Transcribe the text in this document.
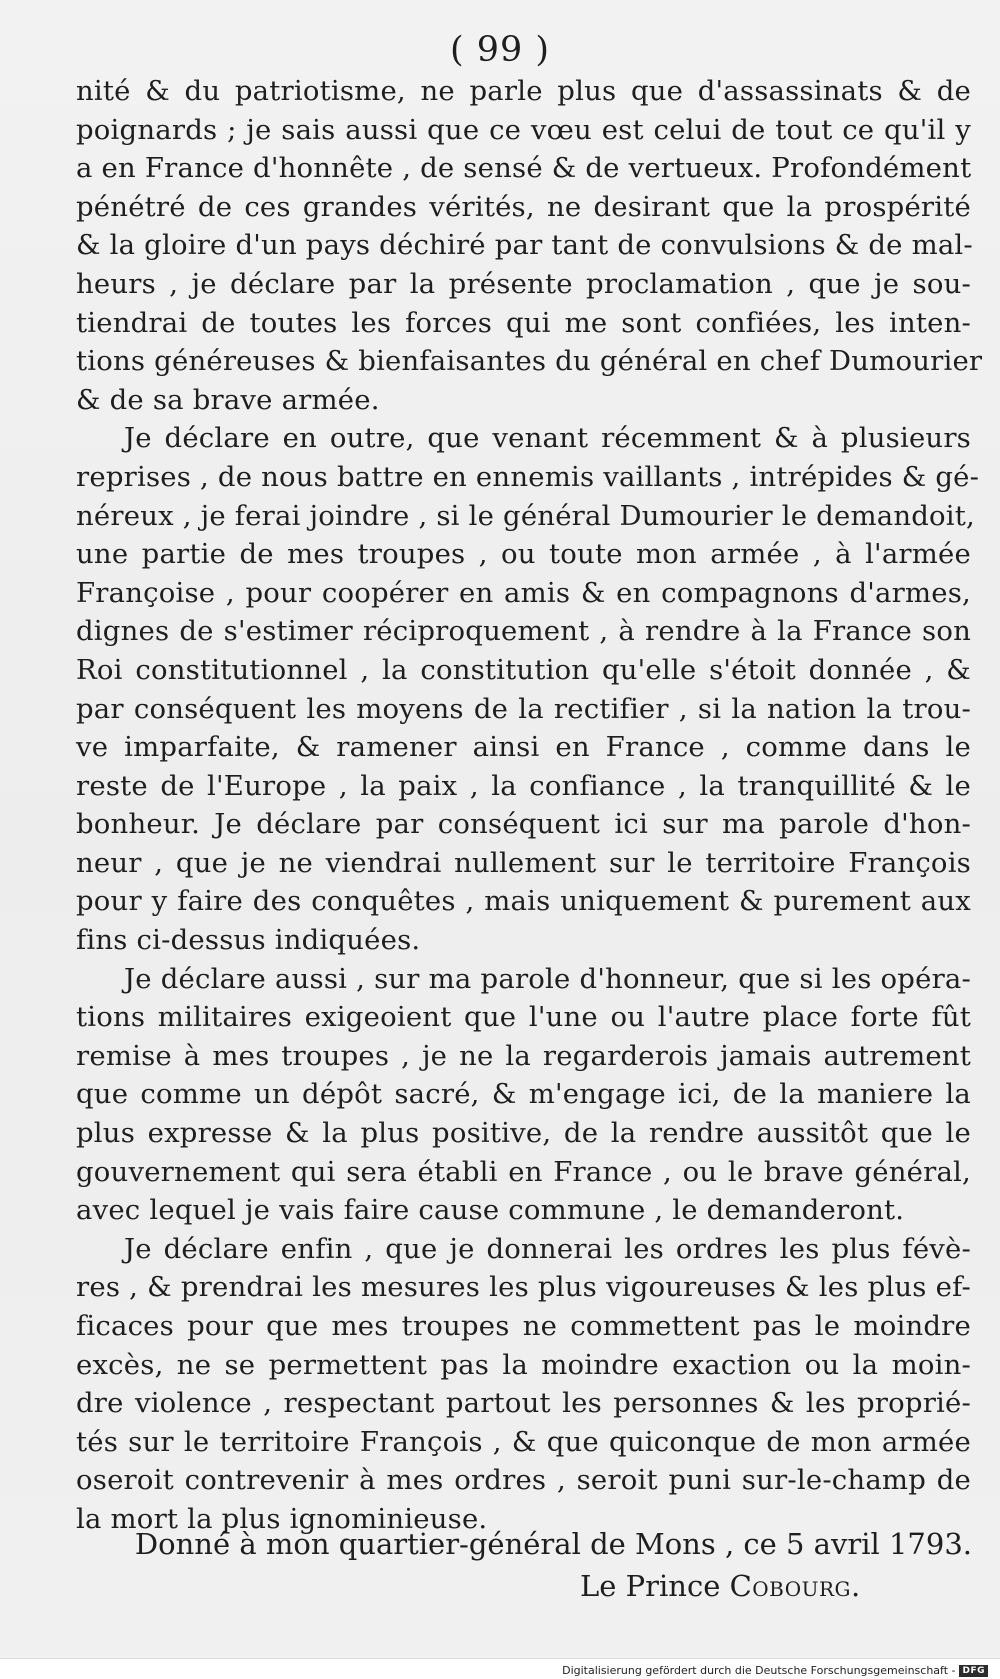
( 99 )
nité & du patriotisme, ne parle plus que d'assassinats & de
poignards ; je sais aussi que ce vœu est celui de tout ce qu'il y
a en France d'honnête , de sensé & de vertueux. Profondément
pénétré de ces grandes vérités, ne desirant que la prospérité
& la gloire d'un pays déchiré par tant de convulsions & de mal-
heurs , je déclare par la présente proclamation , que je sou-
tiendrai de toutes les forces qui me sont confiées, les inten-
tions généreuses & bienfaisantes du général en chef Dumourier
& de sa brave armée.
Je déclare en outre, que venant récemment & à plusieurs
reprises , de nous battre en ennemis vaillants , intrépides & gé-
néreux , je ferai joindre , si le général Dumourier le demandoit,
une partie de mes troupes , ou toute mon armée , à l'armée
Françoise , pour coopérer en amis & en compagnons d'armes,
dignes de s'estimer réciproquement , à rendre à la France son
Roi constitutionnel , la constitution qu'elle s'étoit donnée , &
par conséquent les moyens de la rectifier , si la nation la trou-
ve imparfaite, & ramener ainsi en France , comme dans le
reste de l'Europe , la paix , la confiance , la tranquillité & le
bonheur. Je déclare par conséquent ici sur ma parole d'hon-
neur , que je ne viendrai nullement sur le territoire François
pour y faire des conquêtes , mais uniquement & purement aux
fins ci-dessus indiquées.
Je déclare aussi , sur ma parole d'honneur, que si les opéra-
tions militaires exigeoient que l'une ou l'autre place forte fût
remise à mes troupes , je ne la regarderois jamais autrement
que comme un dépôt sacré, & m'engage ici, de la maniere la
plus expresse & la plus positive, de la rendre aussitôt que le
gouvernement qui sera établi en France , ou le brave général,
avec lequel je vais faire cause commune , le demanderont.
Je déclare enfin , que je donnerai les ordres les plus févè-
res , & prendrai les mesures les plus vigoureuses & les plus ef-
ficaces pour que mes troupes ne commettent pas le moindre
excès, ne se permettent pas la moindre exaction ou la moin-
dre violence , respectant partout les personnes & les proprié-
tés sur le territoire François , & que quiconque de mon armée
oseroit contrevenir à mes ordres , seroit puni sur-le-champ de
la mort la plus ignominieuse.
Donné à mon quartier-général de Mons , ce 5 avril 1793.
Le Prince Cobourg.
Digitalisierung gefördert durch die Deutsche Forschungsgemeinschaft - DFG
